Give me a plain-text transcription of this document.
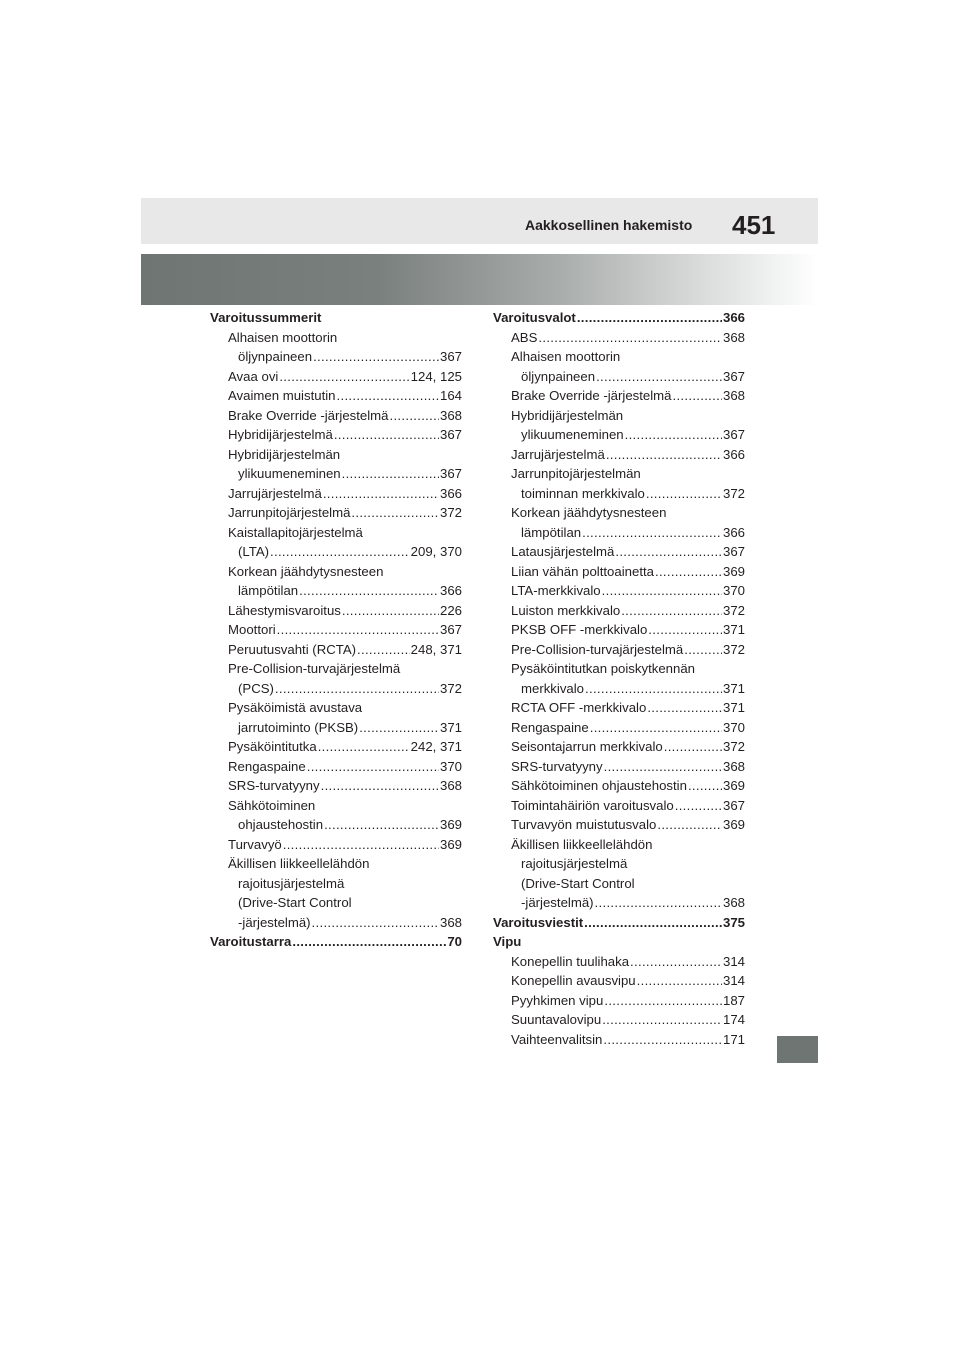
Aakkosellinen hakemisto 451
Varoitussummerit
Alhaisen moottorin
öljynpaineen .....	367
Avaa ovi .....	124, 125
Avaimen muistutin .....	164
Brake Override -järjestelmä .....	368
Hybridijärjestelmä .....	367
Hybridijärjestelmän
ylikuumeneminen .....	367
Jarrujärjestelmä .....	366
Jarrunpitojärjestelmä .....	372
Kaistallapitojärjestelmä
(LTA) .....	209, 370
Korkean jäähdytysnesteen
lämpötilan .....	366
Lähestymisvaroitus .....	226
Moottori .....	367
Peruutusvahti (RCTA) .....	248, 371
Pre-Collision-turvajärjestelmä
(PCS) .....	372
Pysäköimistä avustava
jarrutoiminto (PKSB) .....	371
Pysäköintitutka .....	242, 371
Rengaspaine .....	370
SRS-turvatyyny .....	368
Sähkötoiminen
ohjaustehostin .....	369
Turvavyö .....	369
Äkillisen liikkeellelähdön
rajoitusjärjestelmä
(Drive-Start Control
-järjestelmä) .....	368
Varoitustarra .....	70
Varoitusvalot .....	366
ABS .....	368
Alhaisen moottorin
öljynpaineen .....	367
Brake Override -järjestelmä .....	368
Hybridijärjestelmän
ylikuumeneminen .....	367
Jarrujärjestelmä .....	366
Jarrunpitojärjestelmän
toiminnan merkkivalo .....	372
Korkean jäähdytysnesteen
lämpötilan .....	366
Latausjärjestelmä .....	367
Liian vähän polttoainetta .....	369
LTA-merkkivalo .....	370
Luiston merkkivalo .....	372
PKSB OFF -merkkivalo .....	371
Pre-Collision-turvajärjestelmä .....	372
Pysäköintitutkan poiskytkennän
merkkivalo .....	371
RCTA OFF -merkkivalo .....	371
Rengaspaine .....	370
Seisontajarrun merkkivalo .....	372
SRS-turvatyyny .....	368
Sähkötoiminen ohjaustehostin .....	369
Toimintahäiriön varoitusvalo .....	367
Turvavyön muistutusvalo .....	369
Äkillisen liikkeellelähdön
rajoitusjärjestelmä
(Drive-Start Control
-järjestelmä) .....	368
Varoitusviestit .....	375
Vipu
Konepellin tuulihaka .....	314
Konepellin avausvipu .....	314
Pyyhkimen vipu .....	187
Suuntavalovipu .....	174
Vaihteenvalitsin .....	171
